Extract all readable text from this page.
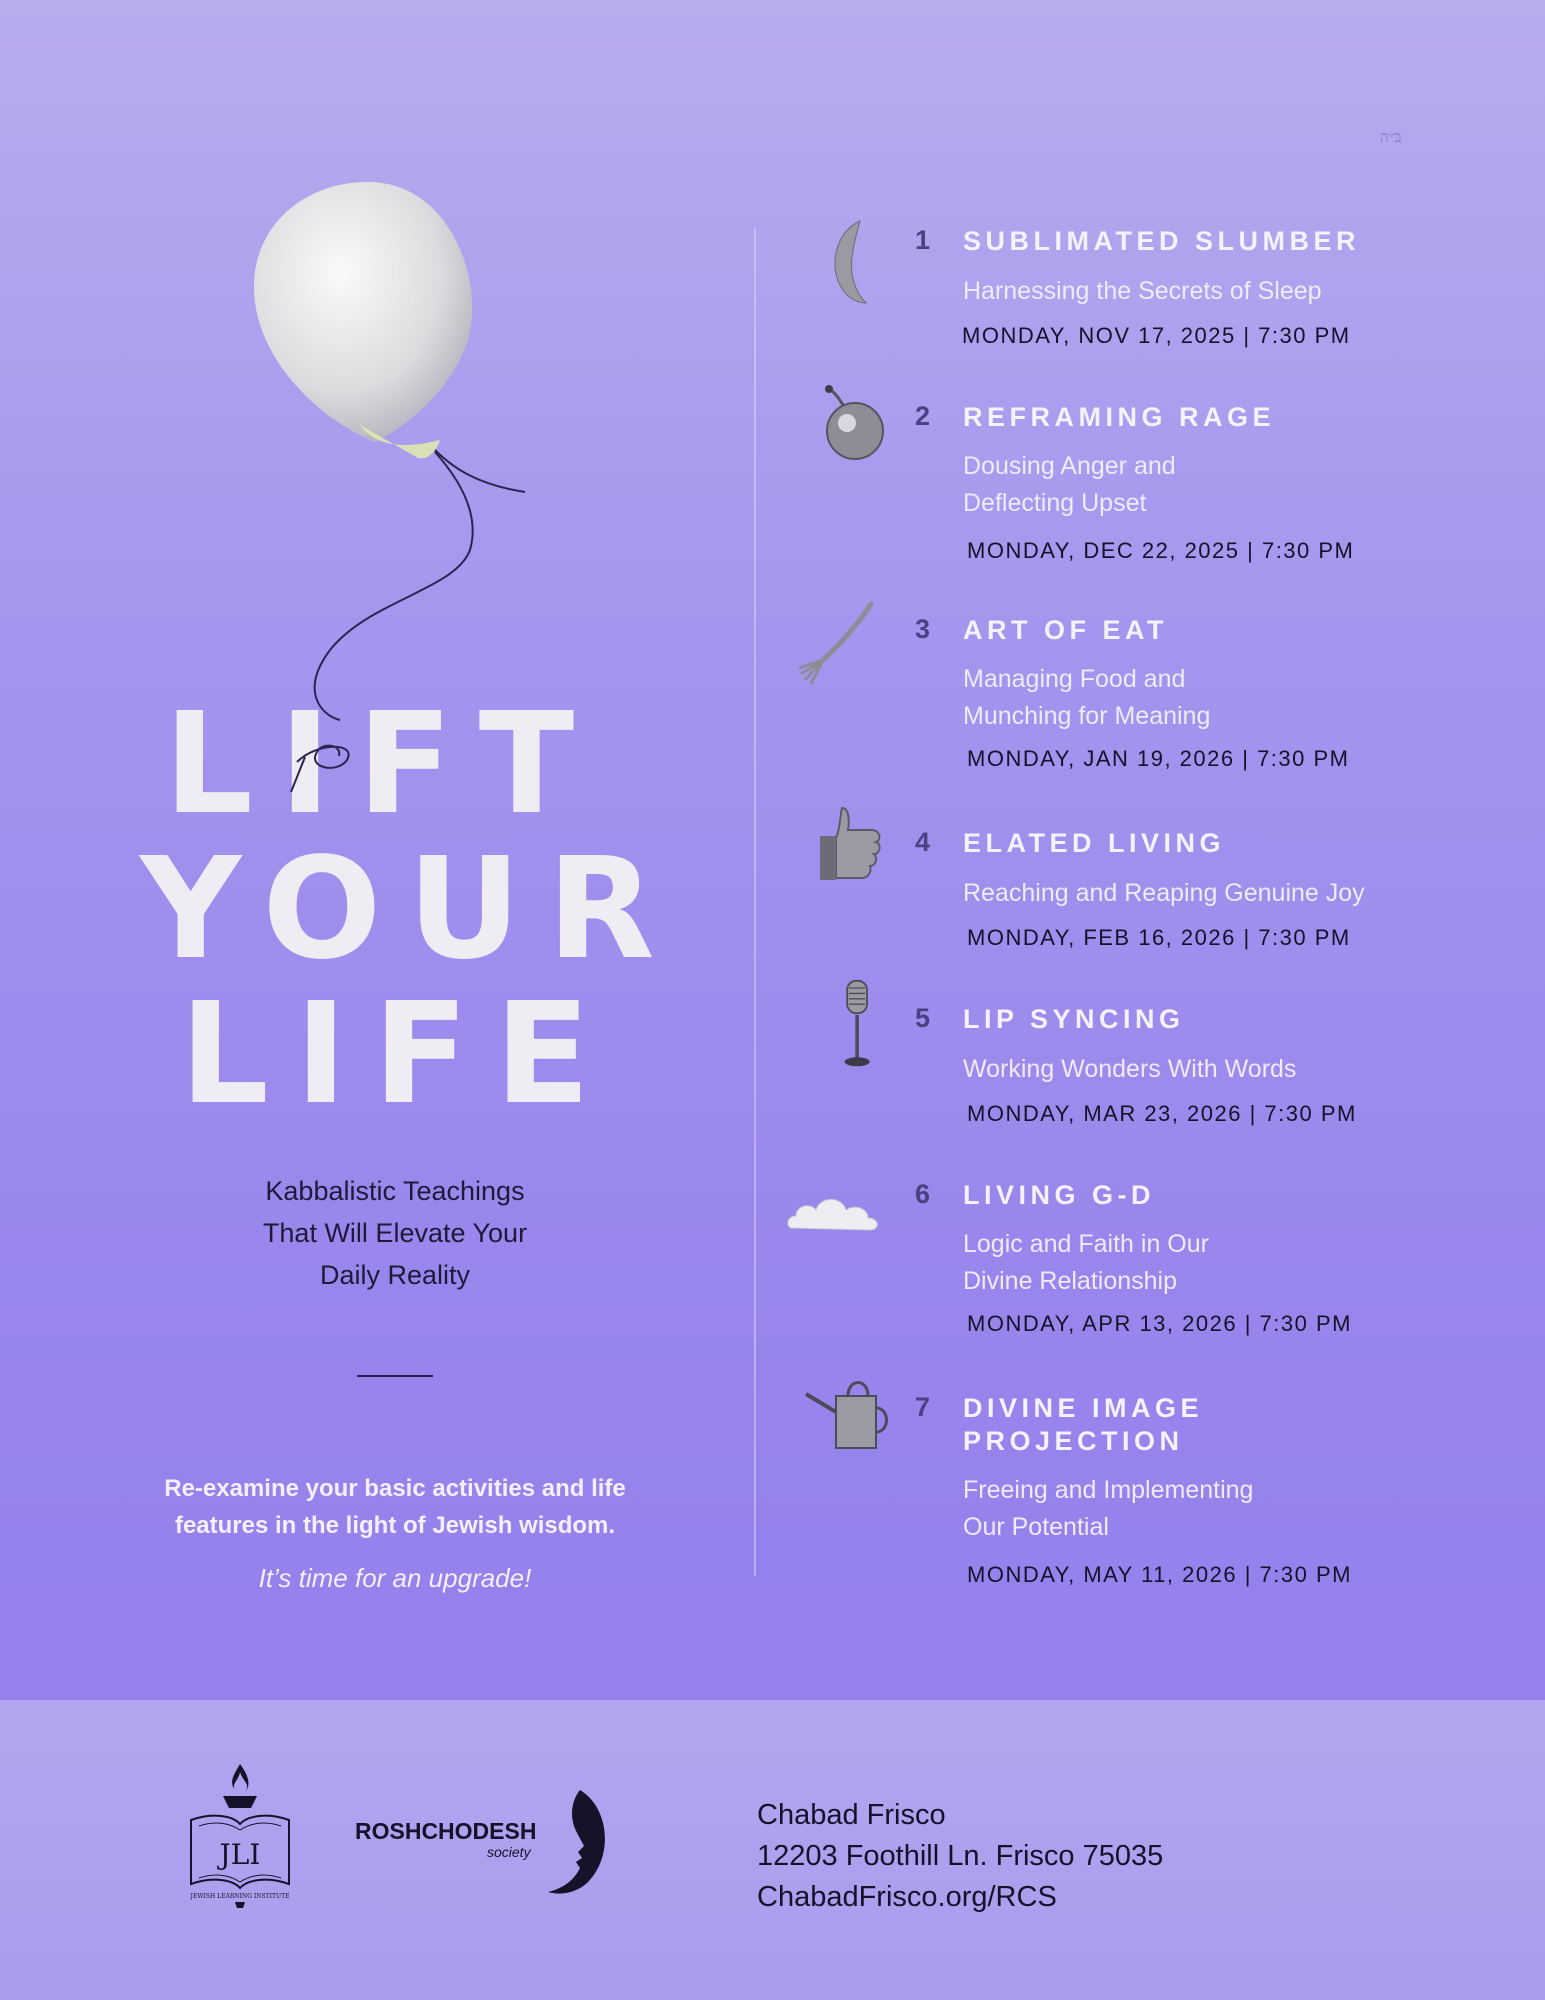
ב״ה
LIFT
YOUR
LIFE
Kabbalistic Teachings
That Will Elevate Your
Daily Reality
Re-examine your basic activities and life
features in the light of Jewish wisdom.
It’s time for an upgrade!
1 SUBLIMATED SLUMBER
Harnessing the Secrets of Sleep
MONDAY, NOV 17, 2025 | 7:30 PM
2 REFRAMING RAGE
Dousing Anger and
Deflecting Upset
MONDAY, DEC 22, 2025 | 7:30 PM
3 ART OF EAT
Managing Food and
Munching for Meaning
MONDAY, JAN 19, 2026 | 7:30 PM
4 ELATED LIVING
Reaching and Reaping Genuine Joy
MONDAY, FEB 16, 2026 | 7:30 PM
5 LIP SYNCING
Working Wonders With Words
MONDAY, MAR 23, 2026 | 7:30 PM
6 LIVING G-D
Logic and Faith in Our
Divine Relationship
MONDAY, APR 13, 2026 | 7:30 PM
7 DIVINE IMAGE PROJECTION
Freeing and Implementing
Our Potential
MONDAY, MAY 11, 2026 | 7:30 PM
JLI
JEWISH LEARNING INSTITUTE
ROSHCHODESH
society
Chabad Frisco
12203 Foothill Ln. Frisco 75035
ChabadFrisco.org/RCS
